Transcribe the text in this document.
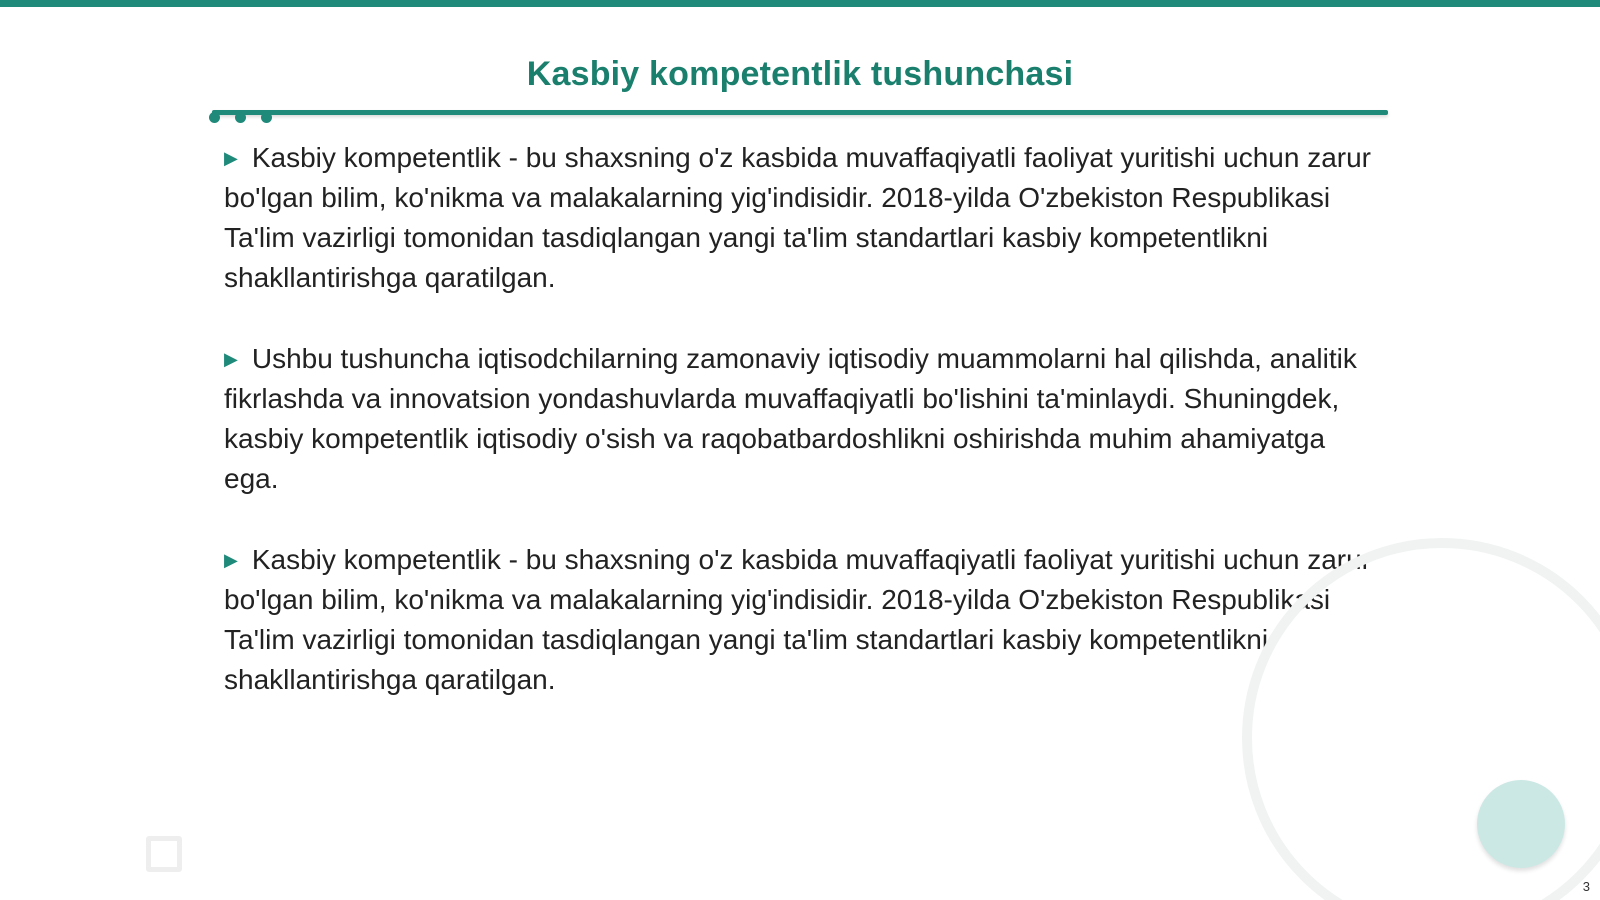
Kasbiy kompetentlik tushunchasi

▶ Kasbiy kompetentlik - bu shaxsning o'z kasbida muvaffaqiyatli faoliyat yuritishi uchun zarur bo'lgan bilim, ko'nikma va malakalarning yig'indisidir. 2018-yilda O'zbekiston Respublikasi Ta'lim vazirligi tomonidan tasdiqlangan yangi ta'lim standartlari kasbiy kompetentlikni shakllantirishga qaratilgan.

▶ Ushbu tushuncha iqtisodchilarning zamonaviy iqtisodiy muammolarni hal qilishda, analitik fikrlashda va innovatsion yondashuvlarda muvaffaqiyatli bo'lishini ta'minlaydi. Shuningdek, kasbiy kompetentlik iqtisodiy o'sish va raqobatbardoshlikni oshirishda muhim ahamiyatga ega.

▶ Kasbiy kompetentlik - bu shaxsning o'z kasbida muvaffaqiyatli faoliyat yuritishi uchun zarur bo'lgan bilim, ko'nikma va malakalarning yig'indisidir. 2018-yilda O'zbekiston Respublikasi Ta'lim vazirligi tomonidan tasdiqlangan yangi ta'lim standartlari kasbiy kompetentlikni shakllantirishga qaratilgan.

3
